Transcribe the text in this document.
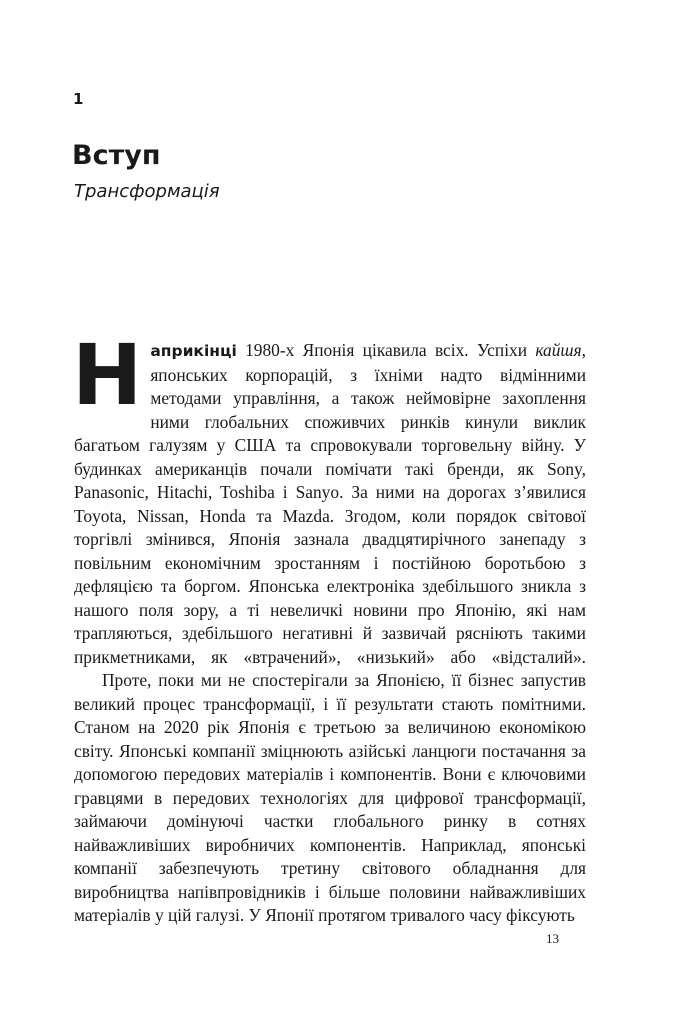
1
Вступ
Трансформація

Наприкінці 1980-х Японія цікавила всіх. Успіхи кайшя, японських корпорацій, з їхніми надто відмінними методами управління, а також неймовірне захоплення ними глобальних споживчих ринків кинули виклик багатьом галузям у США та спровокували торговельну війну. У будинках американців почали помічати такі бренди, як Sony, Panasonic, Hitachi, Toshiba і Sanyo. За ними на дорогах з’явилися Toyota, Nissan, Honda та Mazda. Згодом, коли порядок світової торгівлі змінився, Японія зазнала двадцятирічного занепаду з повільним економічним зростанням і постійною боротьбою з дефляцією та боргом. Японська електроніка здебільшого зникла з нашого поля зору, а ті невеличкі новини про Японію, які нам трапляються, здебільшого негативні й зазвичай рясніють такими прикметниками, як «втрачений», «низький» або «відсталий».

Проте, поки ми не спостерігали за Японією, її бізнес запустив великий процес трансформації, і її результати стають помітними. Станом на 2020 рік Японія є третьою за величиною економікою світу. Японські компанії зміцнюють азійські ланцюги постачання за допомогою передових матеріалів і компонентів. Вони є ключовими гравцями в передових технологіях для цифрової трансформації, займаючи домінуючі частки глобального ринку в сотнях найважливіших виробничих компонентів. Наприклад, японські компанії забезпечують третину світового обладнання для виробництва напівпровідників і більше половини найважливіших матеріалів у цій галузі. У Японії протягом тривалого часу фіксують

13
